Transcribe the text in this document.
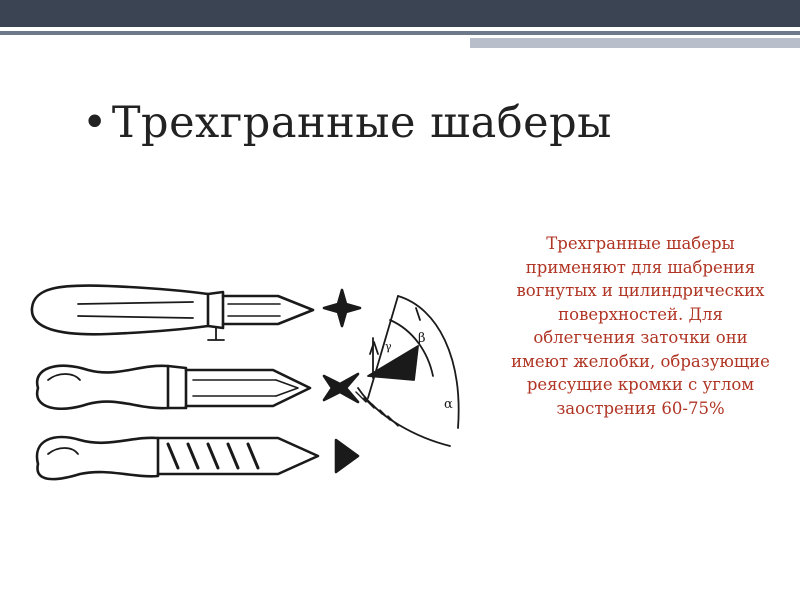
•Трехгранные шаберы

Трехгранные шаберы применяют для шабрения вогнутых и цилиндрических поверхностей. Для облегчения заточки они имеют желобки, образующие реясущие кромки с углом заострения 60-75%

β
γ
α
